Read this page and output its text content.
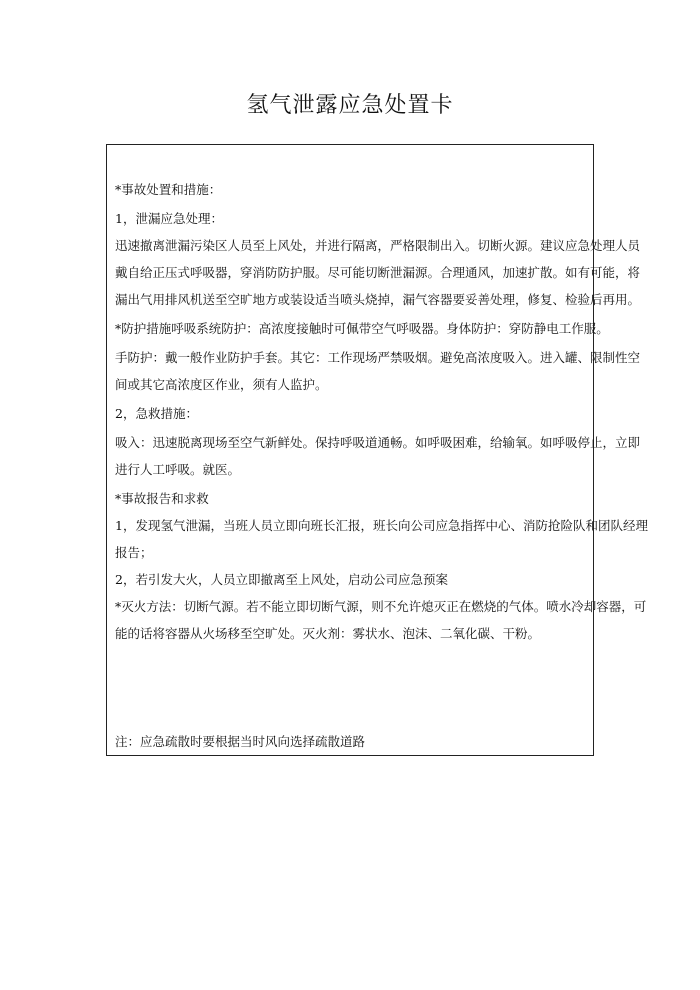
氢气泄露应急处置卡
*事故处置和措施：
1，泄漏应急处理：
迅速撤离泄漏污染区人员至上风处，并进行隔离，严格限制出入。切断火源。建议应急处理人员
戴自给正压式呼吸器，穿消防防护服。尽可能切断泄漏源。合理通风，加速扩散。如有可能，将
漏出气用排风机送至空旷地方或装设适当喷头烧掉，漏气容器要妥善处理，修复、检验后再用。
*防护措施呼吸系统防护：高浓度接触时可佩带空气呼吸器。身体防护：穿防静电工作服。
手防护：戴一般作业防护手套。其它：工作现场严禁吸烟。避免高浓度吸入。进入罐、限制性空
间或其它高浓度区作业，须有人监护。
2，急救措施：
吸入：迅速脱离现场至空气新鲜处。保持呼吸道通畅。如呼吸困难，给输氧。如呼吸停止，立即
进行人工呼吸。就医。
*事故报告和求救
1，发现氢气泄漏，当班人员立即向班长汇报，班长向公司应急指挥中心、消防抢险队和团队经理
报告；
2，若引发大火，人员立即撤离至上风处，启动公司应急预案
*灭火方法：切断气源。若不能立即切断气源，则不允许熄灭正在燃烧的气体。喷水冷却容器，可
能的话将容器从火场移至空旷处。灭火剂：雾状水、泡沫、二氧化碳、干粉。
注：应急疏散时要根据当时风向选择疏散道路
